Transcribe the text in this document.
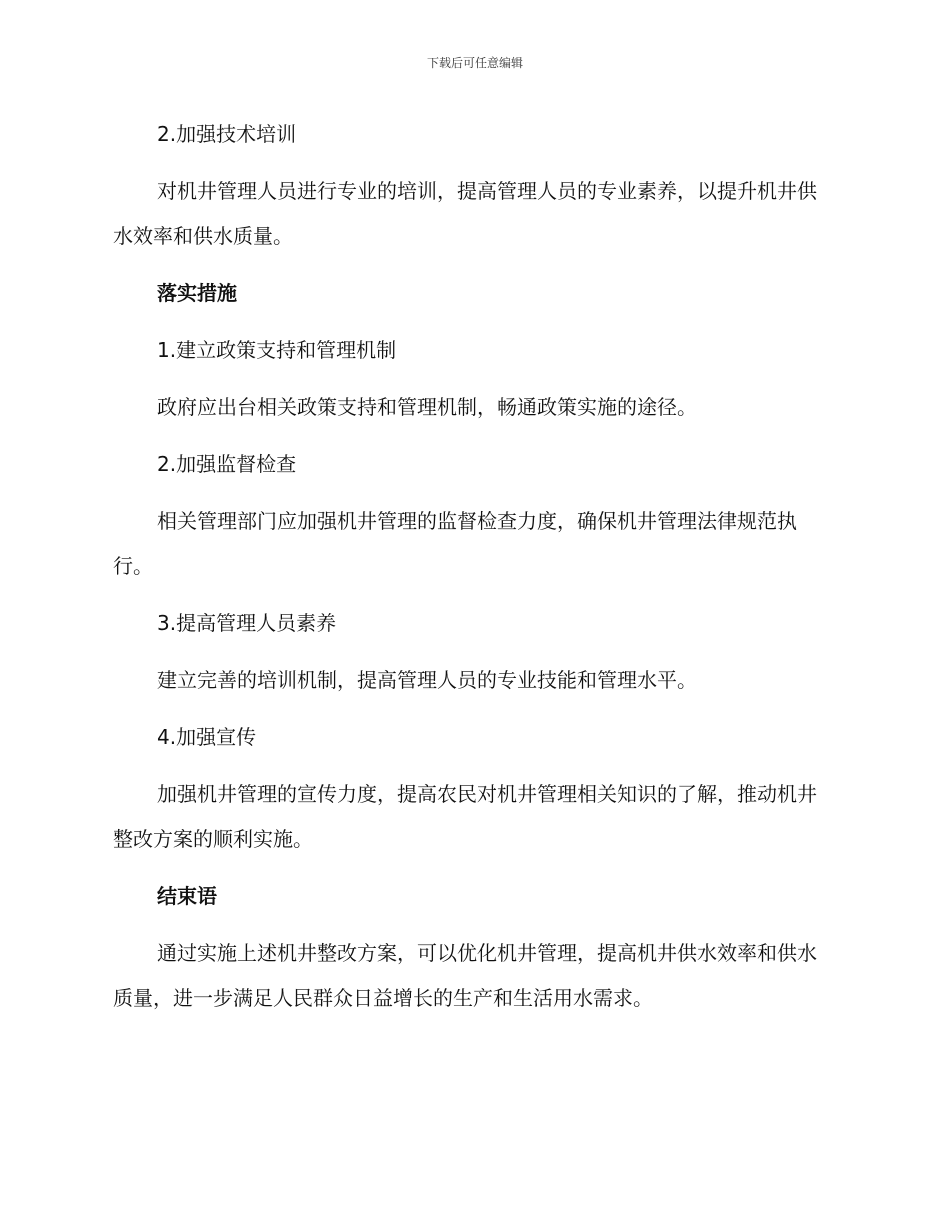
下载后可任意编辑

2.加强技术培训

对机井管理人员进行专业的培训，提高管理人员的专业素养，以提升机井供水效率和供水质量。

落实措施

1.建立政策支持和管理机制

政府应出台相关政策支持和管理机制，畅通政策实施的途径。

2.加强监督检查

相关管理部门应加强机井管理的监督检查力度，确保机井管理法律规范执行。

3.提高管理人员素养

建立完善的培训机制，提高管理人员的专业技能和管理水平。

4.加强宣传

加强机井管理的宣传力度，提高农民对机井管理相关知识的了解，推动机井整改方案的顺利实施。

结束语

通过实施上述机井整改方案，可以优化机井管理，提高机井供水效率和供水质量，进一步满足人民群众日益增长的生产和生活用水需求。
